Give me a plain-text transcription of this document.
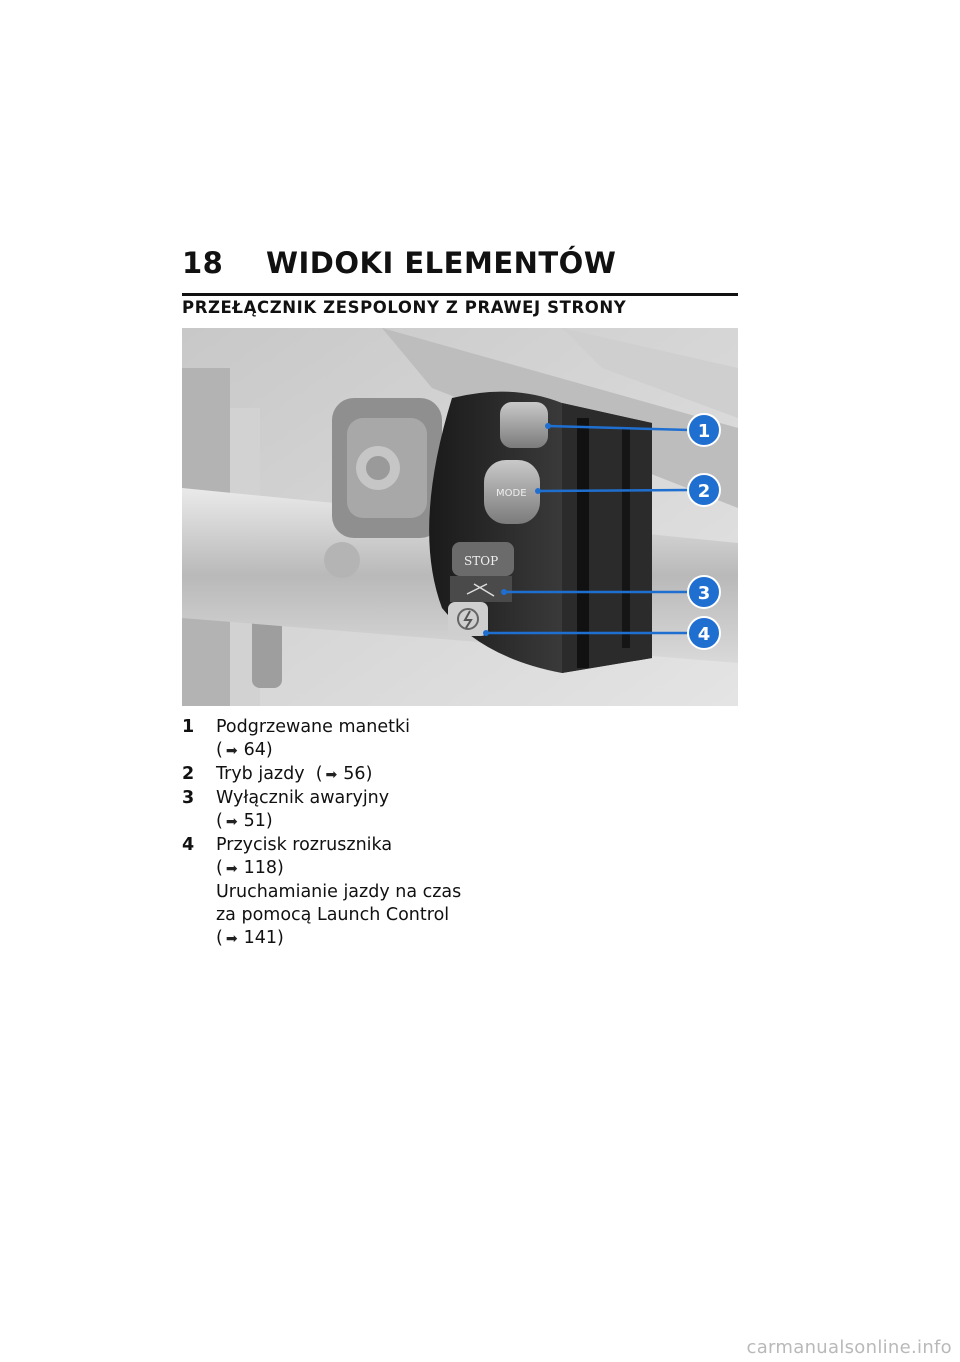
18 WIDOKI ELEMENTÓW
PRZEŁĄCZNIK ZESPOLONY Z PRAWEJ STRONY
MODE
STOP
1
2
3
4
1 Podgrzewane manetki
( ➡ 64)
2 Tryb jazdy ( ➡ 56)
3 Wyłącznik awaryjny
( ➡ 51)
4 Przycisk rozrusznika
( ➡ 118)
Uruchamianie jazdy na czas za pomocą Launch Control  ( ➡ 141)
carmanualsonline.info
